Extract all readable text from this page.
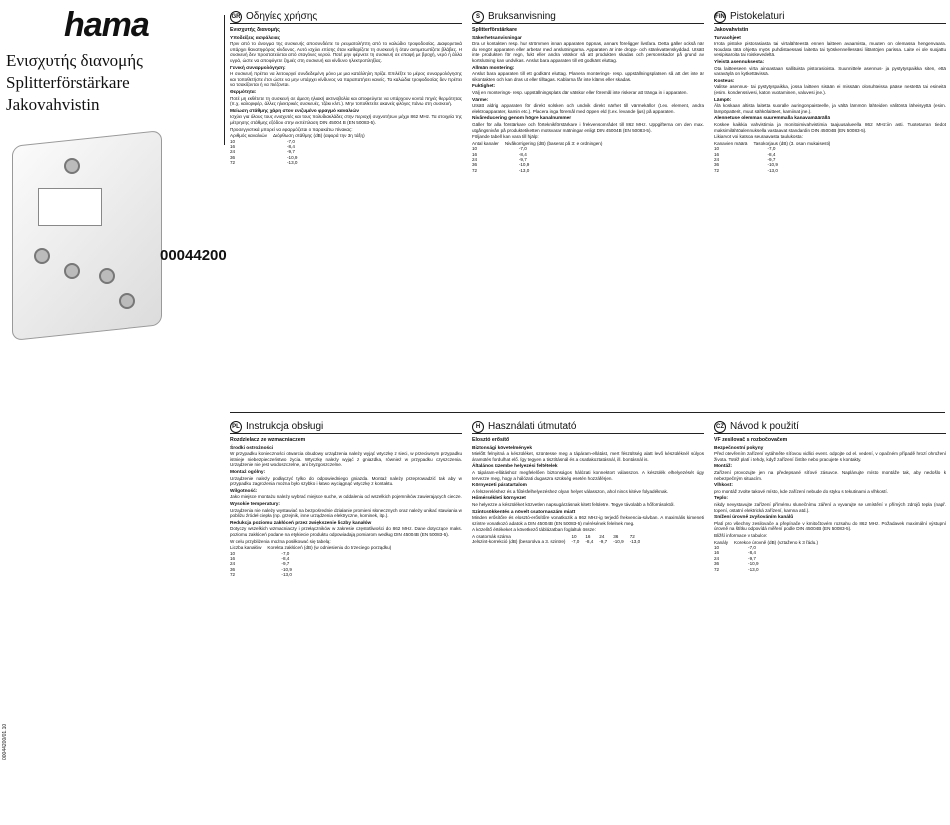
hama
Ενισχυτής διανομής
Splitterförstärkare
Jakovahvistin
00044200
GR Οδηγίες χρήσης
Ενισχυτής διανομής
Υποδείξεις ασφάλειας
Πριν από το άνοιγμα της συσκευής αποσυνδέετε το ρευματολήπτη από το καλώδιο τροφοδοσίας. Διαφορετικά υπάρχει θανατηφόρος κίνδυνος. Αυτό ισχύει επίσης όταν καθαρίζετε τη συσκευή ή όταν αντιμετωπίζετε βλάβες. Η συσκευή δεν προστατεύεται από σταγόνες νερού. Ποτέ μην φέρνετε τη συσκευή σε επαφή με βροχή, νερό ή άλλα υγρά, ώστε να αποφύγετε ζημιές στη συσκευή και κίνδυνο ηλεκτροπληξίας.
Γενική συναρμολόγηση:
Η συσκευή πρέπει να λειτουργεί συνδεδεμένη μόνο με μια κατάλληλη πρίζα. Επιλέξτε το μέρος συναρμολόγησης και τοποθετήστε έτσι ώστε να μην υπάρχει κίνδυνος να παραπατήσει κανείς. Τα καλώδια τροφοδοσίας δεν πρέπει να τσακίζονται ή να πιέζονται.
Θερμότητα:
Ποτέ μη εκθέτετε τη συσκευή σε άμεση ηλιακή ακτινοβολία και αποφεύγετε να υπάρχουν κοντά πηγές θερμότητας (π.χ. καλοριφέρ, άλλες ηλεκτρικές συσκευές, τζάκι κλπ.). Μην τοποθετείτε ακανείς φλόγες πάνω στη συσκευή.
Μείωση στάθμης χάρη στον ενιζυμένο φραγμό καναλιών
Ισχύει για όλους τους ενισχυτές και τους πολυδιακλάδες στην περιοχή συχνοτήτων μέχρι 862 MHz. Τα στοιχεία της μέτρησης στάθμης εξόδου στην εκπέπλαση DIN 45004 B (EN 50083-5).
Προσεγγιστικά μπορεί να εφαρμόζεται ο παρακάτω πίνακας:
Αριθμός καναλιών	Διόρθωση στάθμης (dB) (αφορά την 3η τάξη)
10	-7,0
16	-8,4
24	-9,7
36	-10,9
72	-13,0
S Bruksanvisning
Splitterförstärkare
Säkerhetsanvisningar
Dra ur kontakten resp. hur strömmen innan apparaten öppnas, annars föreligger livsfara. Detta gäller också när du rengör apparaten eller arbetar med anslutningarna. Apparaten är inte dropp- och stänkvattenskyddad. Utsätt inte produkten för regn, fukt eller andra vätskor så att produkten skadas och personskador på grund av kortslutning kan undvikas. Anslut bara apparaten till ett godkänt eluttag.
Allmän montering:
Anslut bara apparaten till ett godkänt eluttag. Planera monterings- resp. uppställningsplatsen så att det inte är sikontakten och kan dras ut eller tilltagas. Kablarna får inte kläms eller skadas.
Fuktighet:
Välj en monterings- resp. uppställningsplats där vätskor eller föremål inte riskerar att tränga in i apparaten.
Värme:
Utsätt aldrig apparaten för direkt solsken och undvik direkt närhet till värmekällor (t.ex. element, andra elektroapparater, kamin etc.). Placera inga föremål med öppen eld (t.ex. levande ljus) på apparaten.
Nivåreducering genom högre kanalnummer
Gäller för alla förstärkare och förteknikförstärkare i frekvensområdet till 862 MHz. Uppgifterna om den max. utgångsnivån på produktetiketten motsvarar mätningar enligt DIN 45004B (EN 50083-5).
Följande tabell kan vara till hjälp:
Antal kanaler	Nivåkorrigering (dB) (baserat på 3: e ordningen)
10	-7,0
16	-8,4
24	-9,7
36	-10,9
72	-13,0
FIN Pistokelaturi
Jakovahvistin
Turvaohjeet
Irrota pistoke pistorasiasta tai virtalähteestä ennen laitteen avaamista, muuten on olemassa hengenvaara. Noudata tätä ohjetta myös puhdistaessasi laitetta tai työskennellessäsi liitäntöjen parissa. Laite ei ole suojattu vesipisaroita tai roiskevedeltä.
Yleistä asennuksesta:
Ota laitteeseen virta ainoastaan sallituista pistorasioista. Suunnittele asennus- ja pystytyspaikka siten, että varaväylä on kytkettävissä.
Kosteus:
Valitse asennus- tai pystytyspaikka, jossa laitteen sisään ei missään olosuhteissa pääse nestettä tai esineitä (esim. kondenssivesi, katon vuotaminen, valuvesi jne.).
Lämpö:
Älä koskaan altista laitetta suoralle auringonpaisteelle, ja vältä lämmön lähteiden välitöntä läheisyyttä (esim. lämpöpatterit, muut sähkölaitteet, kamiinat jne.).
Alennetuse olemmas suuremmalla kanavamäärällä
Koskee kaikkia vahvistimia ja monitoimivahvistimia taajuusalueella 862 MHz:iin asti. Tuotetarran tiedot maksimilähtöalennuksella vastaavat standardin DIN 45004B (EN 50083-5).
Likiarvot voi katsoa seuraavasta taulukosta:
Kanavien määrä	Tasokorjaus (dB) (3. osan mukaisesti)
10	-7,0
16	-8,4
24	-9,7
36	-10,9
72	-13,0
PL Instrukcja obsługi
Rozdzielacz ze wzmacniaczem
Środki ostrożności
W przypadku konieczności otwarcia obudowy urządzenia należy wyjąć wtyczkę z sieci, w przeciwnym przypadku istnieje niebezpieczeństwo życia. Wtyczkę należy wyjąć z gniazdka, również w przypadku czyszczenia. Urządzenie nie jest wodoszczelne, ani bryzgoszczelne.
Montaż ogólny:
Urządzenie należy podłączyć tylko do odpowiedniego gniazda. Montaż należy przeprowadzić tak aby w przypadku zagrożenia można było szybko i łatwo wyciągnąć wtyczkę z kontaktu.
Wilgotność:
Jako miejsce montażu należy wybrać miejsce suche, w oddaleniu od wszelkich pojemników zawierających ciecze.
Wysokie temperatury:
Urządzenia nie należy wystawiać na bezpośrednie działanie promieni słonecznych oraz należy unikać stawiania w pobliżu źródeł ciepła (np. grzejnik, inne urządzenia elektryczne, kominek, itp.).
Redukcja poziomu zakłóceń przez zwiększenie liczby kanałów
Dotyczy wszelkich wzmacniaczy i przełączników w zakresie częstotliwości do 862 MHz. Dane dotyczące maks. poziomu zakłóceń podane na etykiecie produktu odpowiadają pomiarom według DIN 45004B (EN 50083-5).
W celu przybliżenia można posiłkować się tabelą:
Liczba kanałów	Korekta zakłóceń (dB) (w odniesieniu do trzeciego porządku)
10	-7,0
16	-8,4
24	-9,7
36	-10,9
72	-13,0
H Használati útmutató
Elosztó erősítő
Biztonsági követelmények
Mielőtt felnyitná a készüléket, szüntesse meg a tápáram-ellátást, mert fészültség alatt levő készüléknél súlyos áramütés fordulhat elő. Így tegyen a tisztításnál és a csatlakoztatásnál, ill. bontásnál is.
Általános üzembe helyezési feltételek
A tápáram-ellátáshoz megfelelően biztonságos hálózati konnektort válasszon. A készülék elhelyezését úgy tervezze meg, hogy a hálózati dugaszra szükség esetén hozzáférjen.
Környezeti páratartalom
A felszereléshez és a fűtésfelhelyezéshez olyan helyet válasszon, ahol nincs kitéve folyadéknak.
Hőmérsékleti környezet
Ne helyezze a készüléket közvetlen napsugárzásnak kitett felületre. Tegye távolabb a hőforrásoktól.
Szintcsökkentés a növelt csatornaszám miatt
Minden erősítőre és elosztó-erősítőre vonatkozik a 862 MHz-ig terjedő frekvencia-sávban. A maximális kimeneti szintre vonatkozó adatok a DIN 45004B (EN 50083-5) mérésének felelnek meg.
A közelítő értékeket a következő táblázatban foglaltuk össze:
A csatornák száma	10	16	24	36	72
Jelszint-korrekció (dB) (besorolva a 3. szintre)	-7,0	-8,4	-9,7	-10,9	-13,0
CZ Návod k použití
VF zesilovač s rozbočovačem
Bezpečnostní pokyny
Před otevřením zařízení vytáhněte síťovou vidlici event. odpojte od el. vedení, v opačném případě hrozí ohrožení života. Totéž platí i tehdy, když zařízení čistíte nebo pracujete s kontakty.
Montáž:
Zařízení provozujte jen na předepsané síťové zásuvce. Naplánujte místo montáže tak, aby nedošlo k nebezpečným situacím.
Vlhkost:
pro montáž zvolte takové místo, kde zařízení nebude do styku s tekutinami a vlhkostí.
Teplo:
nikdy nevystavujte zařízení přímému slunečnímu záření a vyvarujte se umístění v přímých zdrojů tepla (např. topení, ostatní elektrická zařízení, kamna atd.).
Snížení úrovně zvyšováním kanálů
Platí pro všechny zesilovače a přepínače v kmitočtovém rozsahu do 862 MHz. Požadavek maximální výstupní úrovně na štítku odpovídá měření podle DIN 45004B (EN 50083-5).
Bližší informace v tabulce:
Kanály	Korekce úrovně (dB) (vztaženo k 3 řádu.)
10	-7,0
16	-8,4
24	-9,7
36	-10,9
72	-13,0
00044200/01.10
